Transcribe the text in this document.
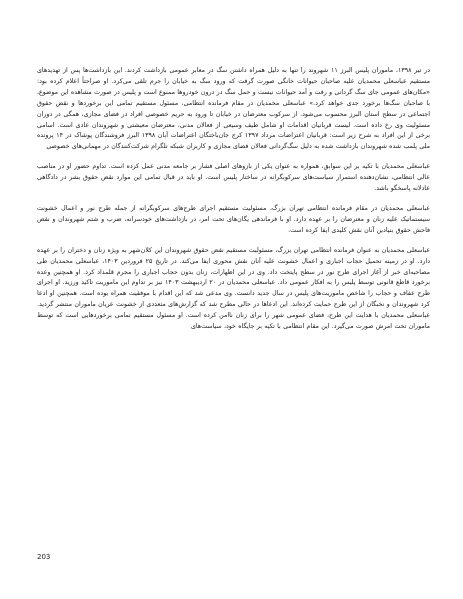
در تیر ۱۳۹۸، ماموران پلیس البرز ۱۱ شهروند را تنها به دلیل همراه داشتن سگ در معابر عمومی بازداشت کردند. این بازداشت‌ها پس از تهدیدهای مستقیم عباسعلی محمدیان علیه صاحبان حیوانات خانگی صورت گرفت که ورود سگ به خیابان را جرم تلقی می‌کرد. او صراحتاً اعلام کرده بود: «مکان‌های عمومی جای سگ گردانی و رفت و آمد حیوانات نیست و حمل سگ در درون خودروها ممنوع است و پلیس در صورت مشاهده این موضوع، با صاحبان سگ‌ها برخورد جدی خواهد کرد.» عباسعلی محمدیان در مقام فرمانده انتظامی، مسئول مستقیم تمامی این برخوردها و نقض حقوق اجتماعی در سطح استان البرز محسوب می‌شود. از سرکوب معترضان در خیابان تا ورود به حریم خصوصی افراد در فضای مجازی، همگی در دوران مسئولیت وی رخ داده است. لیست قربانیان اقدامات او شامل طیف وسیعی از فعالان مدنی، معترضان معیشتی و شهروندان عادی است. اسامی برخی از این افراد به شرح زیر است: قربانیان اعتراضات مرداد ۱۳۹۷ کرج جان‌باختگان اعتراضات آبان ۱۳۹۸ البرز فروشندگان پوشاک در ۱۴ پرونده ملی پلمب شده شهروندان بازداشت شده به دلیل سگ‌گردانی فعالان فضای مجازی و کاربران شبکه تلگرام شرکت‌کنندگان در مهمانی‌های خصوصی

عباسعلی محمدیان با تکیه بر این سوابق، همواره به عنوان یکی از بازوهای اصلی فشار بر جامعه مدنی عمل کرده است. تداوم حضور او در مناصب عالی انتظامی، نشان‌دهنده استمرار سیاست‌های سرکوبگرانه در ساختار پلیس است. او باید در قبال تمامی این موارد نقض حقوق بشر در دادگاهی عادلانه پاسخگو باشد.

عباسعلی محمدیان در مقام فرمانده انتظامی تهران بزرگ، مسئولیت مستقیم اجرای طرح‌های سرکوبگرانه از جمله طرح نور و اعمال خشونت سیستماتیک علیه زنان و معترضان را بر عهده دارد. او با فرماندهی یگان‌های تحت امر، در بازداشت‌های خودسرانه، ضرب و شتم شهروندان و نقض فاحش حقوق بنیادین آنان نقش کلیدی ایفا کرده است.

عباسعلی محمدیان به عنوان فرمانده انتظامی تهران بزرگ، مسئولیت مستقیم نقض حقوق شهروندان این کلان‌شهر به ویژه زنان و دختران را بر عهده دارد. او در زمینه تحمیل حجاب اجباری و اعمال خشونت علیه آنان نقش محوری ایفا می‌کند. در تاریخ ۲۵ فروردین ۱۴۰۳، عباسعلی محمدیان طی مصاحبه‌ای خبر از آغاز اجرای طرح نور در سطح پایتخت داد. وی در این اظهارات، زنان بدون حجاب اجباری را مجرم قلمداد کرد. او همچنین وعده برخورد قاطع قانونی توسط پلیس را به افکار عمومی داد. عباسعلی محمدیان در ۲۰ اردیبهشت ۱۴۰۳ نیز بر تداوم این ماموریت تاکید ورزید. او اجرای طرح عفاف و حجاب را شاخص ماموریت‌های پلیس در سال جدید دانست. وی مدعی شد که این اقدام با موفقیت همراه بوده است. همچنین او ادعا کرد شهروندان و نخبگان از این طرح حمایت کرده‌اند. این ادعاها در حالی مطرح شد که گزارش‌های متعددی از خشونت عریان ماموران منتشر گردید. عباسعلی محمدیان با هدایت این طرح، فضای عمومی شهر را برای زنان ناامن کرده است. او مسئول مستقیم تمامی برخوردهایی است که توسط ماموران تحت امرش صورت می‌گیرد. این مقام انتظامی با تکیه بر جایگاه خود، سیاست‌های

203
